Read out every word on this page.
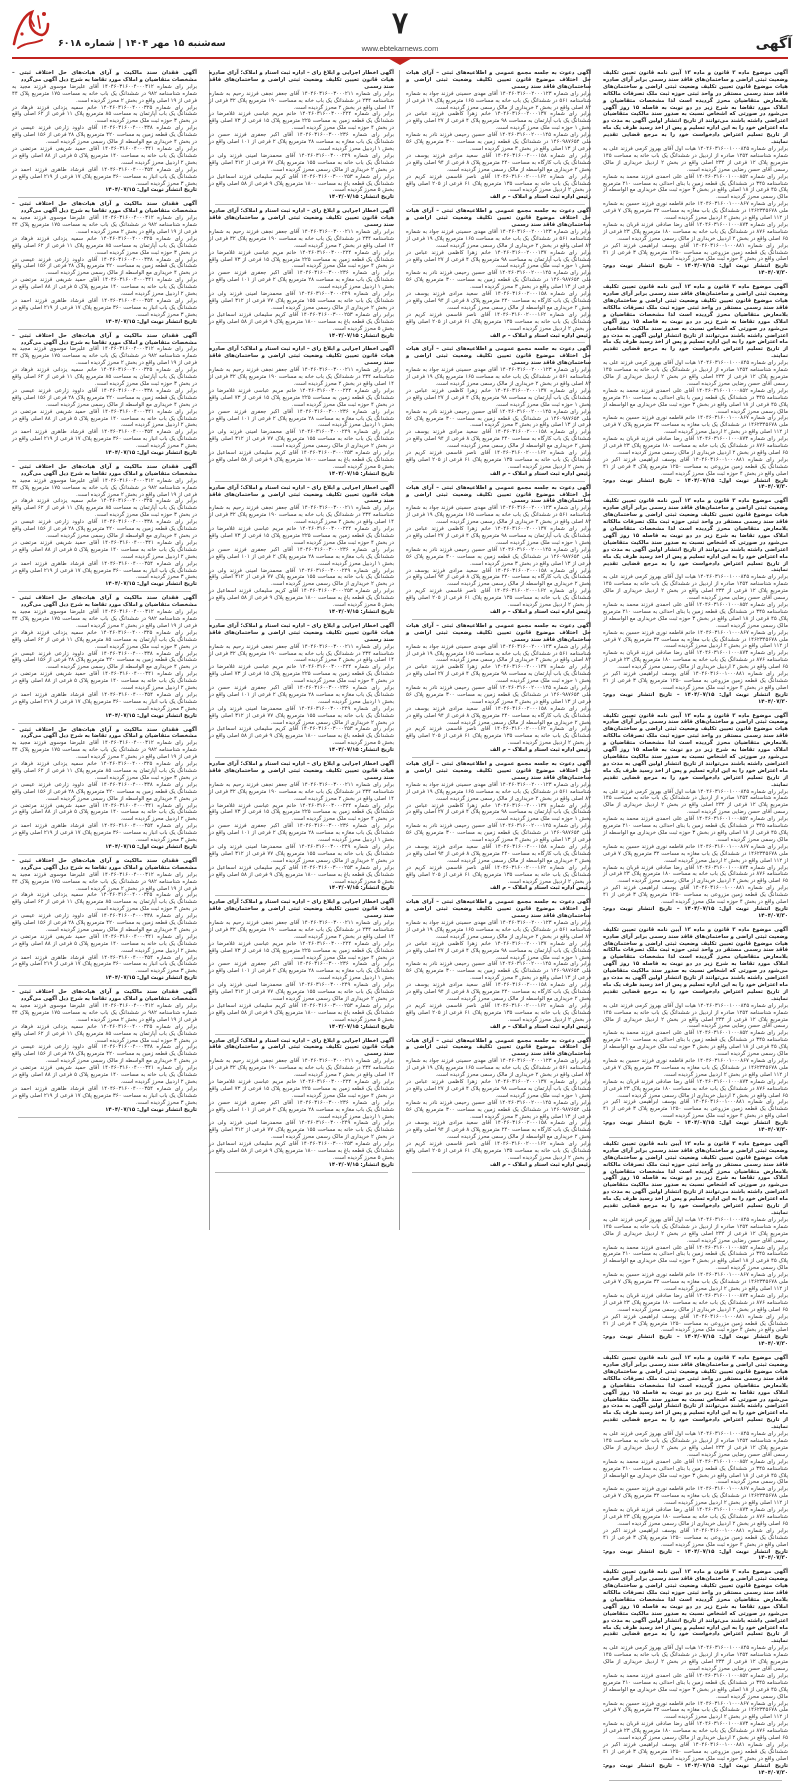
سه‌شنبه ۱۵ مهر ۱۴۰۴ | شماره ۶۰۱۸
۷
www.ebtekarnews.com	آگهی

آگهی موضوع ماده ۳ قانون و ماده ۱۳ آیین نامه قانون تعیین تکلیف وضعیت ثبتی اراضی و ساختمان‌های فاقد سند رسمی برابر آرای صادره هیات موضوع قانون تعیین تکلیف وضعیت ثبتی اراضی و ساختمان‌های فاقد سند رسمی مستقر در واحد ثبتی حوزه ثبت ملک تصرفات مالکانه بلامعارض متقاضیان محرز گردیده است لذا مشخصات متقاضیان و املاک مورد تقاضا به شرح زیر در دو نوبت به فاصله ۱۵ روز آگهی می‌شود در صورتی که اشخاص نسبت به صدور سند مالکیت متقاضیان اعتراضی داشته باشند می‌توانند از تاریخ انتشار اولین آگهی به مدت دو ماه اعتراض خود را به این اداره تسلیم و پس از اخذ رسید ظرف یک ماه از تاریخ تسلیم اعتراض دادخواست خود را به مرجع قضایی تقدیم نمایند.

برابر رای شماره ۱۴۰۴۶۰۳۱۶۰۰۱۰۰۰۸۴۵ هیات اول آقای بهروز کرمی فرزند علی به شماره شناسنامه ۱۲۵۴ صادره از اردبیل در ششدانگ یک باب خانه به مساحت ۱۴۵ مترمربع پلاک ۱۲ فرعی از ۲۳۴ اصلی واقع در بخش ۲ اردبیل خریداری از مالک رسمی آقای حسن رضایی محرز گردیده است.

برابر رای شماره ۱۴۰۴۶۰۳۱۶۰۰۱۰۰۰۸۵۲ آقای علی احمدی فرزند محمد به شماره شناسنامه ۳۴۵ در ششدانگ یک قطعه زمین با بنای احداثی به مساحت ۲۱۰ مترمربع پلاک ۴۵ فرعی از ۱۸ اصلی واقع در بخش ۳ حوزه ثبت ملک خریداری مع الواسطه از مالک رسمی محرز گردیده است.

برابر رای شماره ۱۴۰۴۶۰۳۱۶۰۰۱۰۰۰۸۶۷ خانم فاطمه نوری فرزند حسین به شماره ملی ۱۴۶۲۳۴۵۶۷۸ در ششدانگ یک باب مغازه به مساحت ۳۲ مترمربع پلاک ۷ فرعی از ۱۱۲ اصلی واقع در بخش ۲ اردبیل محرز گردیده است.

برابر رای شماره ۱۴۰۴۶۰۳۱۶۰۰۱۰۰۰۸۷۳ آقای رضا صادقی فرزند قربان به شماره شناسنامه ۸۷۶ در ششدانگ یک باب خانه به مساحت ۱۸۰ مترمربع پلاک ۲۳ فرعی از ۶۵ اصلی واقع در بخش ۲ اردبیل خریداری از مالک رسمی محرز گردیده است.

برابر رای شماره ۱۴۰۴۶۰۳۱۶۰۰۱۰۰۰۸۸۱ آقای یوسف ابراهیمی فرزند اکبر در ششدانگ یک قطعه زمین مزروعی به مساحت ۱۲۵۰ مترمربع پلاک ۳ فرعی از ۴۱ اصلی واقع در بخش ۴ حوزه ثبت ملک محرز گردیده است.

تاریخ انتشار نوبت اول: ۱۴۰۴/۰۷/۱۵ – تاریخ انتشار نوبت دوم: ۱۴۰۴/۰۷/۳۰

آگهی موضوع ماده ۳ قانون و ماده ۱۳ آیین نامه قانون تعیین تکلیف وضعیت ثبتی اراضی و ساختمان‌های فاقد سند رسمی برابر آرای صادره هیات موضوع قانون تعیین تکلیف وضعیت ثبتی اراضی و ساختمان‌های فاقد سند رسمی مستقر در واحد ثبتی حوزه ثبت ملک تصرفات مالکانه بلامعارض متقاضیان محرز گردیده است لذا مشخصات متقاضیان و املاک مورد تقاضا به شرح زیر در دو نوبت به فاصله ۱۵ روز آگهی می‌شود در صورتی که اشخاص نسبت به صدور سند مالکیت متقاضیان اعتراضی داشته باشند می‌توانند از تاریخ انتشار اولین آگهی به مدت دو ماه اعتراض خود را به این اداره تسلیم و پس از اخذ رسید ظرف یک ماه از تاریخ تسلیم اعتراض دادخواست خود را به مرجع قضایی تقدیم نمایند.

برابر رای شماره ۱۴۰۴۶۰۳۱۶۰۰۱۰۰۰۸۴۵ هیات اول آقای بهروز کرمی فرزند علی به شماره شناسنامه ۱۲۵۴ صادره از اردبیل در ششدانگ یک باب خانه به مساحت ۱۴۵ مترمربع پلاک ۱۲ فرعی از ۲۳۴ اصلی واقع در بخش ۲ اردبیل خریداری از مالک رسمی آقای حسن رضایی محرز گردیده است.

برابر رای شماره ۱۴۰۴۶۰۳۱۶۰۰۱۰۰۰۸۵۲ آقای علی احمدی فرزند محمد به شماره شناسنامه ۳۴۵ در ششدانگ یک قطعه زمین با بنای احداثی به مساحت ۲۱۰ مترمربع پلاک ۴۵ فرعی از ۱۸ اصلی واقع در بخش ۳ حوزه ثبت ملک خریداری مع الواسطه از مالک رسمی محرز گردیده است.

برابر رای شماره ۱۴۰۴۶۰۳۱۶۰۰۱۰۰۰۸۶۷ خانم فاطمه نوری فرزند حسین به شماره ملی ۱۴۶۲۳۴۵۶۷۸ در ششدانگ یک باب مغازه به مساحت ۳۲ مترمربع پلاک ۷ فرعی از ۱۱۲ اصلی واقع در بخش ۲ اردبیل محرز گردیده است.

برابر رای شماره ۱۴۰۴۶۰۳۱۶۰۰۱۰۰۰۸۷۳ آقای رضا صادقی فرزند قربان به شماره شناسنامه ۸۷۶ در ششدانگ یک باب خانه به مساحت ۱۸۰ مترمربع پلاک ۲۳ فرعی از ۶۵ اصلی واقع در بخش ۲ اردبیل خریداری از مالک رسمی محرز گردیده است.

برابر رای شماره ۱۴۰۴۶۰۳۱۶۰۰۱۰۰۰۸۸۱ آقای یوسف ابراهیمی فرزند اکبر در ششدانگ یک قطعه زمین مزروعی به مساحت ۱۲۵۰ مترمربع پلاک ۳ فرعی از ۴۱ اصلی واقع در بخش ۴ حوزه ثبت ملک محرز گردیده است.

تاریخ انتشار نوبت اول: ۱۴۰۴/۰۷/۱۵ – تاریخ انتشار نوبت دوم: ۱۴۰۴/۰۷/۳۰

آگهی موضوع ماده ۳ قانون و ماده ۱۳ آیین نامه قانون تعیین تکلیف وضعیت ثبتی اراضی و ساختمان‌های فاقد سند رسمی برابر آرای صادره هیات موضوع قانون تعیین تکلیف وضعیت ثبتی اراضی و ساختمان‌های فاقد سند رسمی مستقر در واحد ثبتی حوزه ثبت ملک تصرفات مالکانه بلامعارض متقاضیان محرز گردیده است لذا مشخصات متقاضیان و املاک مورد تقاضا به شرح زیر در دو نوبت به فاصله ۱۵ روز آگهی می‌شود در صورتی که اشخاص نسبت به صدور سند مالکیت متقاضیان اعتراضی داشته باشند می‌توانند از تاریخ انتشار اولین آگهی به مدت دو ماه اعتراض خود را به این اداره تسلیم و پس از اخذ رسید ظرف یک ماه از تاریخ تسلیم اعتراض دادخواست خود را به مرجع قضایی تقدیم نمایند.

برابر رای شماره ۱۴۰۴۶۰۳۱۶۰۰۱۰۰۰۸۴۵ هیات اول آقای بهروز کرمی فرزند علی به شماره شناسنامه ۱۲۵۴ صادره از اردبیل در ششدانگ یک باب خانه به مساحت ۱۴۵ مترمربع پلاک ۱۲ فرعی از ۲۳۴ اصلی واقع در بخش ۲ اردبیل خریداری از مالک رسمی آقای حسن رضایی محرز گردیده است.

برابر رای شماره ۱۴۰۴۶۰۳۱۶۰۰۱۰۰۰۸۵۲ آقای علی احمدی فرزند محمد به شماره شناسنامه ۳۴۵ در ششدانگ یک قطعه زمین با بنای احداثی به مساحت ۲۱۰ مترمربع پلاک ۴۵ فرعی از ۱۸ اصلی واقع در بخش ۳ حوزه ثبت ملک خریداری مع الواسطه از مالک رسمی محرز گردیده است.

برابر رای شماره ۱۴۰۴۶۰۳۱۶۰۰۱۰۰۰۸۶۷ خانم فاطمه نوری فرزند حسین به شماره ملی ۱۴۶۲۳۴۵۶۷۸ در ششدانگ یک باب مغازه به مساحت ۳۲ مترمربع پلاک ۷ فرعی از ۱۱۲ اصلی واقع در بخش ۲ اردبیل محرز گردیده است.

برابر رای شماره ۱۴۰۴۶۰۳۱۶۰۰۱۰۰۰۸۷۳ آقای رضا صادقی فرزند قربان به شماره شناسنامه ۸۷۶ در ششدانگ یک باب خانه به مساحت ۱۸۰ مترمربع پلاک ۲۳ فرعی از ۶۵ اصلی واقع در بخش ۲ اردبیل خریداری از مالک رسمی محرز گردیده است.

برابر رای شماره ۱۴۰۴۶۰۳۱۶۰۰۱۰۰۰۸۸۱ آقای یوسف ابراهیمی فرزند اکبر در ششدانگ یک قطعه زمین مزروعی به مساحت ۱۲۵۰ مترمربع پلاک ۳ فرعی از ۴۱ اصلی واقع در بخش ۴ حوزه ثبت ملک محرز گردیده است.

تاریخ انتشار نوبت اول: ۱۴۰۴/۰۷/۱۵ – تاریخ انتشار نوبت دوم: ۱۴۰۴/۰۷/۳۰

آگهی موضوع ماده ۳ قانون و ماده ۱۳ آیین نامه قانون تعیین تکلیف وضعیت ثبتی اراضی و ساختمان‌های فاقد سند رسمی برابر آرای صادره هیات موضوع قانون تعیین تکلیف وضعیت ثبتی اراضی و ساختمان‌های فاقد سند رسمی مستقر در واحد ثبتی حوزه ثبت ملک تصرفات مالکانه بلامعارض متقاضیان محرز گردیده است لذا مشخصات متقاضیان و املاک مورد تقاضا به شرح زیر در دو نوبت به فاصله ۱۵ روز آگهی می‌شود در صورتی که اشخاص نسبت به صدور سند مالکیت متقاضیان اعتراضی داشته باشند می‌توانند از تاریخ انتشار اولین آگهی به مدت دو ماه اعتراض خود را به این اداره تسلیم و پس از اخذ رسید ظرف یک ماه از تاریخ تسلیم اعتراض دادخواست خود را به مرجع قضایی تقدیم نمایند.

برابر رای شماره ۱۴۰۴۶۰۳۱۶۰۰۱۰۰۰۸۴۵ هیات اول آقای بهروز کرمی فرزند علی به شماره شناسنامه ۱۲۵۴ صادره از اردبیل در ششدانگ یک باب خانه به مساحت ۱۴۵ مترمربع پلاک ۱۲ فرعی از ۲۳۴ اصلی واقع در بخش ۲ اردبیل خریداری از مالک رسمی آقای حسن رضایی محرز گردیده است.

برابر رای شماره ۱۴۰۴۶۰۳۱۶۰۰۱۰۰۰۸۵۲ آقای علی احمدی فرزند محمد به شماره شناسنامه ۳۴۵ در ششدانگ یک قطعه زمین با بنای احداثی به مساحت ۲۱۰ مترمربع پلاک ۴۵ فرعی از ۱۸ اصلی واقع در بخش ۳ حوزه ثبت ملک خریداری مع الواسطه از مالک رسمی محرز گردیده است.

برابر رای شماره ۱۴۰۴۶۰۳۱۶۰۰۱۰۰۰۸۶۷ خانم فاطمه نوری فرزند حسین به شماره ملی ۱۴۶۲۳۴۵۶۷۸ در ششدانگ یک باب مغازه به مساحت ۳۲ مترمربع پلاک ۷ فرعی از ۱۱۲ اصلی واقع در بخش ۲ اردبیل محرز گردیده است.

برابر رای شماره ۱۴۰۴۶۰۳۱۶۰۰۱۰۰۰۸۷۳ آقای رضا صادقی فرزند قربان به شماره شناسنامه ۸۷۶ در ششدانگ یک باب خانه به مساحت ۱۸۰ مترمربع پلاک ۲۳ فرعی از ۶۵ اصلی واقع در بخش ۲ اردبیل خریداری از مالک رسمی محرز گردیده است.

برابر رای شماره ۱۴۰۴۶۰۳۱۶۰۰۱۰۰۰۸۸۱ آقای یوسف ابراهیمی فرزند اکبر در ششدانگ یک قطعه زمین مزروعی به مساحت ۱۲۵۰ مترمربع پلاک ۳ فرعی از ۴۱ اصلی واقع در بخش ۴ حوزه ثبت ملک محرز گردیده است.

تاریخ انتشار نوبت اول: ۱۴۰۴/۰۷/۱۵ – تاریخ انتشار نوبت دوم: ۱۴۰۴/۰۷/۳۰

آگهی موضوع ماده ۳ قانون و ماده ۱۳ آیین نامه قانون تعیین تکلیف وضعیت ثبتی اراضی و ساختمان‌های فاقد سند رسمی برابر آرای صادره هیات موضوع قانون تعیین تکلیف وضعیت ثبتی اراضی و ساختمان‌های فاقد سند رسمی مستقر در واحد ثبتی حوزه ثبت ملک تصرفات مالکانه بلامعارض متقاضیان محرز گردیده است لذا مشخصات متقاضیان و املاک مورد تقاضا به شرح زیر در دو نوبت به فاصله ۱۵ روز آگهی می‌شود در صورتی که اشخاص نسبت به صدور سند مالکیت متقاضیان اعتراضی داشته باشند می‌توانند از تاریخ انتشار اولین آگهی به مدت دو ماه اعتراض خود را به این اداره تسلیم و پس از اخذ رسید ظرف یک ماه از تاریخ تسلیم اعتراض دادخواست خود را به مرجع قضایی تقدیم نمایند.

برابر رای شماره ۱۴۰۴۶۰۳۱۶۰۰۱۰۰۰۸۴۵ هیات اول آقای بهروز کرمی فرزند علی به شماره شناسنامه ۱۲۵۴ صادره از اردبیل در ششدانگ یک باب خانه به مساحت ۱۴۵ مترمربع پلاک ۱۲ فرعی از ۲۳۴ اصلی واقع در بخش ۲ اردبیل خریداری از مالک رسمی آقای حسن رضایی محرز گردیده است.

برابر رای شماره ۱۴۰۴۶۰۳۱۶۰۰۱۰۰۰۸۵۲ آقای علی احمدی فرزند محمد به شماره شناسنامه ۳۴۵ در ششدانگ یک قطعه زمین با بنای احداثی به مساحت ۲۱۰ مترمربع پلاک ۴۵ فرعی از ۱۸ اصلی واقع در بخش ۳ حوزه ثبت ملک خریداری مع الواسطه از مالک رسمی محرز گردیده است.

برابر رای شماره ۱۴۰۴۶۰۳۱۶۰۰۱۰۰۰۸۶۷ خانم فاطمه نوری فرزند حسین به شماره ملی ۱۴۶۲۳۴۵۶۷۸ در ششدانگ یک باب مغازه به مساحت ۳۲ مترمربع پلاک ۷ فرعی از ۱۱۲ اصلی واقع در بخش ۲ اردبیل محرز گردیده است.

برابر رای شماره ۱۴۰۴۶۰۳۱۶۰۰۱۰۰۰۸۷۳ آقای رضا صادقی فرزند قربان به شماره شناسنامه ۸۷۶ در ششدانگ یک باب خانه به مساحت ۱۸۰ مترمربع پلاک ۲۳ فرعی از ۶۵ اصلی واقع در بخش ۲ اردبیل خریداری از مالک رسمی محرز گردیده است.

برابر رای شماره ۱۴۰۴۶۰۳۱۶۰۰۱۰۰۰۸۸۱ آقای یوسف ابراهیمی فرزند اکبر در ششدانگ یک قطعه زمین مزروعی به مساحت ۱۲۵۰ مترمربع پلاک ۳ فرعی از ۴۱ اصلی واقع در بخش ۴ حوزه ثبت ملک محرز گردیده است.

تاریخ انتشار نوبت اول: ۱۴۰۴/۰۷/۱۵ – تاریخ انتشار نوبت دوم: ۱۴۰۴/۰۷/۳۰

آگهی موضوع ماده ۳ قانون و ماده ۱۳ آیین نامه قانون تعیین تکلیف وضعیت ثبتی اراضی و ساختمان‌های فاقد سند رسمی برابر آرای صادره هیات موضوع قانون تعیین تکلیف وضعیت ثبتی اراضی و ساختمان‌های فاقد سند رسمی مستقر در واحد ثبتی حوزه ثبت ملک تصرفات مالکانه بلامعارض متقاضیان محرز گردیده است لذا مشخصات متقاضیان و املاک مورد تقاضا به شرح زیر در دو نوبت به فاصله ۱۵ روز آگهی می‌شود در صورتی که اشخاص نسبت به صدور سند مالکیت متقاضیان اعتراضی داشته باشند می‌توانند از تاریخ انتشار اولین آگهی به مدت دو ماه اعتراض خود را به این اداره تسلیم و پس از اخذ رسید ظرف یک ماه از تاریخ تسلیم اعتراض دادخواست خود را به مرجع قضایی تقدیم نمایند.

برابر رای شماره ۱۴۰۴۶۰۳۱۶۰۰۱۰۰۰۸۴۵ هیات اول آقای بهروز کرمی فرزند علی به شماره شناسنامه ۱۲۵۴ صادره از اردبیل در ششدانگ یک باب خانه به مساحت ۱۴۵ مترمربع پلاک ۱۲ فرعی از ۲۳۴ اصلی واقع در بخش ۲ اردبیل خریداری از مالک رسمی آقای حسن رضایی محرز گردیده است.

برابر رای شماره ۱۴۰۴۶۰۳۱۶۰۰۱۰۰۰۸۵۲ آقای علی احمدی فرزند محمد به شماره شناسنامه ۳۴۵ در ششدانگ یک قطعه زمین با بنای احداثی به مساحت ۲۱۰ مترمربع پلاک ۴۵ فرعی از ۱۸ اصلی واقع در بخش ۳ حوزه ثبت ملک خریداری مع الواسطه از مالک رسمی محرز گردیده است.

برابر رای شماره ۱۴۰۴۶۰۳۱۶۰۰۱۰۰۰۸۶۷ خانم فاطمه نوری فرزند حسین به شماره ملی ۱۴۶۲۳۴۵۶۷۸ در ششدانگ یک باب مغازه به مساحت ۳۲ مترمربع پلاک ۷ فرعی از ۱۱۲ اصلی واقع در بخش ۲ اردبیل محرز گردیده است.

برابر رای شماره ۱۴۰۴۶۰۳۱۶۰۰۱۰۰۰۸۷۳ آقای رضا صادقی فرزند قربان به شماره شناسنامه ۸۷۶ در ششدانگ یک باب خانه به مساحت ۱۸۰ مترمربع پلاک ۲۳ فرعی از ۶۵ اصلی واقع در بخش ۲ اردبیل خریداری از مالک رسمی محرز گردیده است.

برابر رای شماره ۱۴۰۴۶۰۳۱۶۰۰۱۰۰۰۸۸۱ آقای یوسف ابراهیمی فرزند اکبر در ششدانگ یک قطعه زمین مزروعی به مساحت ۱۲۵۰ مترمربع پلاک ۳ فرعی از ۴۱ اصلی واقع در بخش ۴ حوزه ثبت ملک محرز گردیده است.

تاریخ انتشار نوبت اول: ۱۴۰۴/۰۷/۱۵ – تاریخ انتشار نوبت دوم: ۱۴۰۴/۰۷/۳۰

آگهی موضوع ماده ۳ قانون و ماده ۱۳ آیین نامه قانون تعیین تکلیف وضعیت ثبتی اراضی و ساختمان‌های فاقد سند رسمی برابر آرای صادره هیات موضوع قانون تعیین تکلیف وضعیت ثبتی اراضی و ساختمان‌های فاقد سند رسمی مستقر در واحد ثبتی حوزه ثبت ملک تصرفات مالکانه بلامعارض متقاضیان محرز گردیده است لذا مشخصات متقاضیان و املاک مورد تقاضا به شرح زیر در دو نوبت به فاصله ۱۵ روز آگهی می‌شود در صورتی که اشخاص نسبت به صدور سند مالکیت متقاضیان اعتراضی داشته باشند می‌توانند از تاریخ انتشار اولین آگهی به مدت دو ماه اعتراض خود را به این اداره تسلیم و پس از اخذ رسید ظرف یک ماه از تاریخ تسلیم اعتراض دادخواست خود را به مرجع قضایی تقدیم نمایند.

برابر رای شماره ۱۴۰۴۶۰۳۱۶۰۰۱۰۰۰۸۴۵ هیات اول آقای بهروز کرمی فرزند علی به شماره شناسنامه ۱۲۵۴ صادره از اردبیل در ششدانگ یک باب خانه به مساحت ۱۴۵ مترمربع پلاک ۱۲ فرعی از ۲۳۴ اصلی واقع در بخش ۲ اردبیل خریداری از مالک رسمی آقای حسن رضایی محرز گردیده است.

برابر رای شماره ۱۴۰۴۶۰۳۱۶۰۰۱۰۰۰۸۵۲ آقای علی احمدی فرزند محمد به شماره شناسنامه ۳۴۵ در ششدانگ یک قطعه زمین با بنای احداثی به مساحت ۲۱۰ مترمربع پلاک ۴۵ فرعی از ۱۸ اصلی واقع در بخش ۳ حوزه ثبت ملک خریداری مع الواسطه از مالک رسمی محرز گردیده است.

برابر رای شماره ۱۴۰۴۶۰۳۱۶۰۰۱۰۰۰۸۶۷ خانم فاطمه نوری فرزند حسین به شماره ملی ۱۴۶۲۳۴۵۶۷۸ در ششدانگ یک باب مغازه به مساحت ۳۲ مترمربع پلاک ۷ فرعی از ۱۱۲ اصلی واقع در بخش ۲ اردبیل محرز گردیده است.

برابر رای شماره ۱۴۰۴۶۰۳۱۶۰۰۱۰۰۰۸۷۳ آقای رضا صادقی فرزند قربان به شماره شناسنامه ۸۷۶ در ششدانگ یک باب خانه به مساحت ۱۸۰ مترمربع پلاک ۲۳ فرعی از ۶۵ اصلی واقع در بخش ۲ اردبیل خریداری از مالک رسمی محرز گردیده است.

برابر رای شماره ۱۴۰۴۶۰۳۱۶۰۰۱۰۰۰۸۸۱ آقای یوسف ابراهیمی فرزند اکبر در ششدانگ یک قطعه زمین مزروعی به مساحت ۱۲۵۰ مترمربع پلاک ۳ فرعی از ۴۱ اصلی واقع در بخش ۴ حوزه ثبت ملک محرز گردیده است.

تاریخ انتشار نوبت اول: ۱۴۰۴/۰۷/۱۵ – تاریخ انتشار نوبت دوم: ۱۴۰۴/۰۷/۳۰

آگهی موضوع ماده ۳ قانون و ماده ۱۳ آیین نامه قانون تعیین تکلیف وضعیت ثبتی اراضی و ساختمان‌های فاقد سند رسمی برابر آرای صادره هیات موضوع قانون تعیین تکلیف وضعیت ثبتی اراضی و ساختمان‌های فاقد سند رسمی مستقر در واحد ثبتی حوزه ثبت ملک تصرفات مالکانه بلامعارض متقاضیان محرز گردیده است لذا مشخصات متقاضیان و املاک مورد تقاضا به شرح زیر در دو نوبت به فاصله ۱۵ روز آگهی می‌شود در صورتی که اشخاص نسبت به صدور سند مالکیت متقاضیان اعتراضی داشته باشند می‌توانند از تاریخ انتشار اولین آگهی به مدت دو ماه اعتراض خود را به این اداره تسلیم و پس از اخذ رسید ظرف یک ماه از تاریخ تسلیم اعتراض دادخواست خود را به مرجع قضایی تقدیم نمایند.

برابر رای شماره ۱۴۰۴۶۰۳۱۶۰۰۱۰۰۰۸۴۵ هیات اول آقای بهروز کرمی فرزند علی به شماره شناسنامه ۱۲۵۴ صادره از اردبیل در ششدانگ یک باب خانه به مساحت ۱۴۵ مترمربع پلاک ۱۲ فرعی از ۲۳۴ اصلی واقع در بخش ۲ اردبیل خریداری از مالک رسمی آقای حسن رضایی محرز گردیده است.

برابر رای شماره ۱۴۰۴۶۰۳۱۶۰۰۱۰۰۰۸۵۲ آقای علی احمدی فرزند محمد به شماره شناسنامه ۳۴۵ در ششدانگ یک قطعه زمین با بنای احداثی به مساحت ۲۱۰ مترمربع پلاک ۴۵ فرعی از ۱۸ اصلی واقع در بخش ۳ حوزه ثبت ملک خریداری مع الواسطه از مالک رسمی محرز گردیده است.

برابر رای شماره ۱۴۰۴۶۰۳۱۶۰۰۱۰۰۰۸۶۷ خانم فاطمه نوری فرزند حسین به شماره ملی ۱۴۶۲۳۴۵۶۷۸ در ششدانگ یک باب مغازه به مساحت ۳۲ مترمربع پلاک ۷ فرعی از ۱۱۲ اصلی واقع در بخش ۲ اردبیل محرز گردیده است.

برابر رای شماره ۱۴۰۴۶۰۳۱۶۰۰۱۰۰۰۸۷۳ آقای رضا صادقی فرزند قربان به شماره شناسنامه ۸۷۶ در ششدانگ یک باب خانه به مساحت ۱۸۰ مترمربع پلاک ۲۳ فرعی از ۶۵ اصلی واقع در بخش ۲ اردبیل خریداری از مالک رسمی محرز گردیده است.

برابر رای شماره ۱۴۰۴۶۰۳۱۶۰۰۱۰۰۰۸۸۱ آقای یوسف ابراهیمی فرزند اکبر در ششدانگ یک قطعه زمین مزروعی به مساحت ۱۲۵۰ مترمربع پلاک ۳ فرعی از ۴۱ اصلی واقع در بخش ۴ حوزه ثبت ملک محرز گردیده است.

تاریخ انتشار نوبت اول: ۱۴۰۴/۰۷/۱۵ – تاریخ انتشار نوبت دوم: ۱۴۰۴/۰۷/۳۰

آگهی دعوت به جلسه مجمع عمومی و اطلاعیه‌های ثبتی – آرای هیات حل اختلاف موضوع قانون تعیین تکلیف وضعیت ثبتی اراضی و ساختمان‌های فاقد سند رسمی

برابر رای شماره ۱۴۰۴۶۰۳۱۶۰۰۲۰۰۰۱۲۳ آقای مهدی حسینی فرزند جواد به شماره شناسنامه ۵۶۱ در ششدانگ یک باب خانه به مساحت ۱۶۵ مترمربع پلاک ۱۹ فرعی از ۸۲ اصلی واقع در بخش ۲ خریداری از مالک رسمی محرز گردیده است.

برابر رای شماره ۱۴۰۴۶۰۳۱۶۰۰۲۰۰۰۱۳۷ خانم زهرا کاظمی فرزند عباس در ششدانگ یک باب آپارتمان به مساحت ۹۸ مترمربع پلاک ۴ فرعی از ۲۷ اصلی واقع در بخش ۱ حوزه ثبت ملک محرز گردیده است.

برابر رای شماره ۱۴۰۴۶۰۳۱۶۰۰۲۰۰۰۱۴۵ آقای حسین رحیمی فرزند نادر به شماره ملی ۱۴۶۰۹۸۷۶۵۴ در ششدانگ یک قطعه زمین به مساحت ۳۰۰ مترمربع پلاک ۵۶ فرعی از ۱۳ اصلی واقع در بخش ۳ محرز گردیده است.

برابر رای شماره ۱۴۰۴۶۰۳۱۶۰۰۲۰۰۰۱۵۸ آقای سعید مرادی فرزند یوسف در ششدانگ یک باب کارگاه به مساحت ۲۴۰ مترمربع پلاک ۸ فرعی از ۹۴ اصلی واقع در بخش ۲ خریداری مع الواسطه از مالک رسمی محرز گردیده است.

برابر رای شماره ۱۴۰۴۶۰۳۱۶۰۰۲۰۰۰۱۶۲ آقای ناصر قاسمی فرزند کریم در ششدانگ یک باب خانه به مساحت ۱۳۵ مترمربع پلاک ۶۱ فرعی از ۲۰۵ اصلی واقع در بخش ۲ اردبیل محرز گردیده است.

رئیس اداره ثبت اسناد و املاک – م الف

آگهی دعوت به جلسه مجمع عمومی و اطلاعیه‌های ثبتی – آرای هیات حل اختلاف موضوع قانون تعیین تکلیف وضعیت ثبتی اراضی و ساختمان‌های فاقد سند رسمی

برابر رای شماره ۱۴۰۴۶۰۳۱۶۰۰۲۰۰۰۱۲۳ آقای مهدی حسینی فرزند جواد به شماره شناسنامه ۵۶۱ در ششدانگ یک باب خانه به مساحت ۱۶۵ مترمربع پلاک ۱۹ فرعی از ۸۲ اصلی واقع در بخش ۲ خریداری از مالک رسمی محرز گردیده است.

برابر رای شماره ۱۴۰۴۶۰۳۱۶۰۰۲۰۰۰۱۳۷ خانم زهرا کاظمی فرزند عباس در ششدانگ یک باب آپارتمان به مساحت ۹۸ مترمربع پلاک ۴ فرعی از ۲۷ اصلی واقع در بخش ۱ حوزه ثبت ملک محرز گردیده است.

برابر رای شماره ۱۴۰۴۶۰۳۱۶۰۰۲۰۰۰۱۴۵ آقای حسین رحیمی فرزند نادر به شماره ملی ۱۴۶۰۹۸۷۶۵۴ در ششدانگ یک قطعه زمین به مساحت ۳۰۰ مترمربع پلاک ۵۶ فرعی از ۱۳ اصلی واقع در بخش ۳ محرز گردیده است.

برابر رای شماره ۱۴۰۴۶۰۳۱۶۰۰۲۰۰۰۱۵۸ آقای سعید مرادی فرزند یوسف در ششدانگ یک باب کارگاه به مساحت ۲۴۰ مترمربع پلاک ۸ فرعی از ۹۴ اصلی واقع در بخش ۲ خریداری مع الواسطه از مالک رسمی محرز گردیده است.

برابر رای شماره ۱۴۰۴۶۰۳۱۶۰۰۲۰۰۰۱۶۲ آقای ناصر قاسمی فرزند کریم در ششدانگ یک باب خانه به مساحت ۱۳۵ مترمربع پلاک ۶۱ فرعی از ۲۰۵ اصلی واقع در بخش ۲ اردبیل محرز گردیده است.

رئیس اداره ثبت اسناد و املاک – م الف

آگهی دعوت به جلسه مجمع عمومی و اطلاعیه‌های ثبتی – آرای هیات حل اختلاف موضوع قانون تعیین تکلیف وضعیت ثبتی اراضی و ساختمان‌های فاقد سند رسمی

برابر رای شماره ۱۴۰۴۶۰۳۱۶۰۰۲۰۰۰۱۲۳ آقای مهدی حسینی فرزند جواد به شماره شناسنامه ۵۶۱ در ششدانگ یک باب خانه به مساحت ۱۶۵ مترمربع پلاک ۱۹ فرعی از ۸۲ اصلی واقع در بخش ۲ خریداری از مالک رسمی محرز گردیده است.

برابر رای شماره ۱۴۰۴۶۰۳۱۶۰۰۲۰۰۰۱۳۷ خانم زهرا کاظمی فرزند عباس در ششدانگ یک باب آپارتمان به مساحت ۹۸ مترمربع پلاک ۴ فرعی از ۲۷ اصلی واقع در بخش ۱ حوزه ثبت ملک محرز گردیده است.

برابر رای شماره ۱۴۰۴۶۰۳۱۶۰۰۲۰۰۰۱۴۵ آقای حسین رحیمی فرزند نادر به شماره ملی ۱۴۶۰۹۸۷۶۵۴ در ششدانگ یک قطعه زمین به مساحت ۳۰۰ مترمربع پلاک ۵۶ فرعی از ۱۳ اصلی واقع در بخش ۳ محرز گردیده است.

برابر رای شماره ۱۴۰۴۶۰۳۱۶۰۰۲۰۰۰۱۵۸ آقای سعید مرادی فرزند یوسف در ششدانگ یک باب کارگاه به مساحت ۲۴۰ مترمربع پلاک ۸ فرعی از ۹۴ اصلی واقع در بخش ۲ خریداری مع الواسطه از مالک رسمی محرز گردیده است.

برابر رای شماره ۱۴۰۴۶۰۳۱۶۰۰۲۰۰۰۱۶۲ آقای ناصر قاسمی فرزند کریم در ششدانگ یک باب خانه به مساحت ۱۳۵ مترمربع پلاک ۶۱ فرعی از ۲۰۵ اصلی واقع در بخش ۲ اردبیل محرز گردیده است.

رئیس اداره ثبت اسناد و املاک – م الف

آگهی دعوت به جلسه مجمع عمومی و اطلاعیه‌های ثبتی – آرای هیات حل اختلاف موضوع قانون تعیین تکلیف وضعیت ثبتی اراضی و ساختمان‌های فاقد سند رسمی

برابر رای شماره ۱۴۰۴۶۰۳۱۶۰۰۲۰۰۰۱۲۳ آقای مهدی حسینی فرزند جواد به شماره شناسنامه ۵۶۱ در ششدانگ یک باب خانه به مساحت ۱۶۵ مترمربع پلاک ۱۹ فرعی از ۸۲ اصلی واقع در بخش ۲ خریداری از مالک رسمی محرز گردیده است.

برابر رای شماره ۱۴۰۴۶۰۳۱۶۰۰۲۰۰۰۱۳۷ خانم زهرا کاظمی فرزند عباس در ششدانگ یک باب آپارتمان به مساحت ۹۸ مترمربع پلاک ۴ فرعی از ۲۷ اصلی واقع در بخش ۱ حوزه ثبت ملک محرز گردیده است.

برابر رای شماره ۱۴۰۴۶۰۳۱۶۰۰۲۰۰۰۱۴۵ آقای حسین رحیمی فرزند نادر به شماره ملی ۱۴۶۰۹۸۷۶۵۴ در ششدانگ یک قطعه زمین به مساحت ۳۰۰ مترمربع پلاک ۵۶ فرعی از ۱۳ اصلی واقع در بخش ۳ محرز گردیده است.

برابر رای شماره ۱۴۰۴۶۰۳۱۶۰۰۲۰۰۰۱۵۸ آقای سعید مرادی فرزند یوسف در ششدانگ یک باب کارگاه به مساحت ۲۴۰ مترمربع پلاک ۸ فرعی از ۹۴ اصلی واقع در بخش ۲ خریداری مع الواسطه از مالک رسمی محرز گردیده است.

برابر رای شماره ۱۴۰۴۶۰۳۱۶۰۰۲۰۰۰۱۶۲ آقای ناصر قاسمی فرزند کریم در ششدانگ یک باب خانه به مساحت ۱۳۵ مترمربع پلاک ۶۱ فرعی از ۲۰۵ اصلی واقع در بخش ۲ اردبیل محرز گردیده است.

رئیس اداره ثبت اسناد و املاک – م الف

آگهی دعوت به جلسه مجمع عمومی و اطلاعیه‌های ثبتی – آرای هیات حل اختلاف موضوع قانون تعیین تکلیف وضعیت ثبتی اراضی و ساختمان‌های فاقد سند رسمی

برابر رای شماره ۱۴۰۴۶۰۳۱۶۰۰۲۰۰۰۱۲۳ آقای مهدی حسینی فرزند جواد به شماره شناسنامه ۵۶۱ در ششدانگ یک باب خانه به مساحت ۱۶۵ مترمربع پلاک ۱۹ فرعی از ۸۲ اصلی واقع در بخش ۲ خریداری از مالک رسمی محرز گردیده است.

برابر رای شماره ۱۴۰۴۶۰۳۱۶۰۰۲۰۰۰۱۳۷ خانم زهرا کاظمی فرزند عباس در ششدانگ یک باب آپارتمان به مساحت ۹۸ مترمربع پلاک ۴ فرعی از ۲۷ اصلی واقع در بخش ۱ حوزه ثبت ملک محرز گردیده است.

برابر رای شماره ۱۴۰۴۶۰۳۱۶۰۰۲۰۰۰۱۴۵ آقای حسین رحیمی فرزند نادر به شماره ملی ۱۴۶۰۹۸۷۶۵۴ در ششدانگ یک قطعه زمین به مساحت ۳۰۰ مترمربع پلاک ۵۶ فرعی از ۱۳ اصلی واقع در بخش ۳ محرز گردیده است.

برابر رای شماره ۱۴۰۴۶۰۳۱۶۰۰۲۰۰۰۱۵۸ آقای سعید مرادی فرزند یوسف در ششدانگ یک باب کارگاه به مساحت ۲۴۰ مترمربع پلاک ۸ فرعی از ۹۴ اصلی واقع در بخش ۲ خریداری مع الواسطه از مالک رسمی محرز گردیده است.

برابر رای شماره ۱۴۰۴۶۰۳۱۶۰۰۲۰۰۰۱۶۲ آقای ناصر قاسمی فرزند کریم در ششدانگ یک باب خانه به مساحت ۱۳۵ مترمربع پلاک ۶۱ فرعی از ۲۰۵ اصلی واقع در بخش ۲ اردبیل محرز گردیده است.

رئیس اداره ثبت اسناد و املاک – م الف

آگهی دعوت به جلسه مجمع عمومی و اطلاعیه‌های ثبتی – آرای هیات حل اختلاف موضوع قانون تعیین تکلیف وضعیت ثبتی اراضی و ساختمان‌های فاقد سند رسمی

برابر رای شماره ۱۴۰۴۶۰۳۱۶۰۰۲۰۰۰۱۲۳ آقای مهدی حسینی فرزند جواد به شماره شناسنامه ۵۶۱ در ششدانگ یک باب خانه به مساحت ۱۶۵ مترمربع پلاک ۱۹ فرعی از ۸۲ اصلی واقع در بخش ۲ خریداری از مالک رسمی محرز گردیده است.

برابر رای شماره ۱۴۰۴۶۰۳۱۶۰۰۲۰۰۰۱۳۷ خانم زهرا کاظمی فرزند عباس در ششدانگ یک باب آپارتمان به مساحت ۹۸ مترمربع پلاک ۴ فرعی از ۲۷ اصلی واقع در بخش ۱ حوزه ثبت ملک محرز گردیده است.

برابر رای شماره ۱۴۰۴۶۰۳۱۶۰۰۲۰۰۰۱۴۵ آقای حسین رحیمی فرزند نادر به شماره ملی ۱۴۶۰۹۸۷۶۵۴ در ششدانگ یک قطعه زمین به مساحت ۳۰۰ مترمربع پلاک ۵۶ فرعی از ۱۳ اصلی واقع در بخش ۳ محرز گردیده است.

برابر رای شماره ۱۴۰۴۶۰۳۱۶۰۰۲۰۰۰۱۵۸ آقای سعید مرادی فرزند یوسف در ششدانگ یک باب کارگاه به مساحت ۲۴۰ مترمربع پلاک ۸ فرعی از ۹۴ اصلی واقع در بخش ۲ خریداری مع الواسطه از مالک رسمی محرز گردیده است.

برابر رای شماره ۱۴۰۴۶۰۳۱۶۰۰۲۰۰۰۱۶۲ آقای ناصر قاسمی فرزند کریم در ششدانگ یک باب خانه به مساحت ۱۳۵ مترمربع پلاک ۶۱ فرعی از ۲۰۵ اصلی واقع در بخش ۲ اردبیل محرز گردیده است.

رئیس اداره ثبت اسناد و املاک – م الف

آگهی دعوت به جلسه مجمع عمومی و اطلاعیه‌های ثبتی – آرای هیات حل اختلاف موضوع قانون تعیین تکلیف وضعیت ثبتی اراضی و ساختمان‌های فاقد سند رسمی

برابر رای شماره ۱۴۰۴۶۰۳۱۶۰۰۲۰۰۰۱۲۳ آقای مهدی حسینی فرزند جواد به شماره شناسنامه ۵۶۱ در ششدانگ یک باب خانه به مساحت ۱۶۵ مترمربع پلاک ۱۹ فرعی از ۸۲ اصلی واقع در بخش ۲ خریداری از مالک رسمی محرز گردیده است.

برابر رای شماره ۱۴۰۴۶۰۳۱۶۰۰۲۰۰۰۱۳۷ خانم زهرا کاظمی فرزند عباس در ششدانگ یک باب آپارتمان به مساحت ۹۸ مترمربع پلاک ۴ فرعی از ۲۷ اصلی واقع در بخش ۱ حوزه ثبت ملک محرز گردیده است.

برابر رای شماره ۱۴۰۴۶۰۳۱۶۰۰۲۰۰۰۱۴۵ آقای حسین رحیمی فرزند نادر به شماره ملی ۱۴۶۰۹۸۷۶۵۴ در ششدانگ یک قطعه زمین به مساحت ۳۰۰ مترمربع پلاک ۵۶ فرعی از ۱۳ اصلی واقع در بخش ۳ محرز گردیده است.

برابر رای شماره ۱۴۰۴۶۰۳۱۶۰۰۲۰۰۰۱۵۸ آقای سعید مرادی فرزند یوسف در ششدانگ یک باب کارگاه به مساحت ۲۴۰ مترمربع پلاک ۸ فرعی از ۹۴ اصلی واقع در بخش ۲ خریداری مع الواسطه از مالک رسمی محرز گردیده است.

برابر رای شماره ۱۴۰۴۶۰۳۱۶۰۰۲۰۰۰۱۶۲ آقای ناصر قاسمی فرزند کریم در ششدانگ یک باب خانه به مساحت ۱۳۵ مترمربع پلاک ۶۱ فرعی از ۲۰۵ اصلی واقع در بخش ۲ اردبیل محرز گردیده است.

رئیس اداره ثبت اسناد و املاک – م الف

آگهی دعوت به جلسه مجمع عمومی و اطلاعیه‌های ثبتی – آرای هیات حل اختلاف موضوع قانون تعیین تکلیف وضعیت ثبتی اراضی و ساختمان‌های فاقد سند رسمی

برابر رای شماره ۱۴۰۴۶۰۳۱۶۰۰۲۰۰۰۱۲۳ آقای مهدی حسینی فرزند جواد به شماره شناسنامه ۵۶۱ در ششدانگ یک باب خانه به مساحت ۱۶۵ مترمربع پلاک ۱۹ فرعی از ۸۲ اصلی واقع در بخش ۲ خریداری از مالک رسمی محرز گردیده است.

برابر رای شماره ۱۴۰۴۶۰۳۱۶۰۰۲۰۰۰۱۳۷ خانم زهرا کاظمی فرزند عباس در ششدانگ یک باب آپارتمان به مساحت ۹۸ مترمربع پلاک ۴ فرعی از ۲۷ اصلی واقع در بخش ۱ حوزه ثبت ملک محرز گردیده است.

برابر رای شماره ۱۴۰۴۶۰۳۱۶۰۰۲۰۰۰۱۴۵ آقای حسین رحیمی فرزند نادر به شماره ملی ۱۴۶۰۹۸۷۶۵۴ در ششدانگ یک قطعه زمین به مساحت ۳۰۰ مترمربع پلاک ۵۶ فرعی از ۱۳ اصلی واقع در بخش ۳ محرز گردیده است.

برابر رای شماره ۱۴۰۴۶۰۳۱۶۰۰۲۰۰۰۱۵۸ آقای سعید مرادی فرزند یوسف در ششدانگ یک باب کارگاه به مساحت ۲۴۰ مترمربع پلاک ۸ فرعی از ۹۴ اصلی واقع در بخش ۲ خریداری مع الواسطه از مالک رسمی محرز گردیده است.

برابر رای شماره ۱۴۰۴۶۰۳۱۶۰۰۲۰۰۰۱۶۲ آقای ناصر قاسمی فرزند کریم در ششدانگ یک باب خانه به مساحت ۱۳۵ مترمربع پلاک ۶۱ فرعی از ۲۰۵ اصلی واقع در بخش ۲ اردبیل محرز گردیده است.

رئیس اداره ثبت اسناد و املاک – م الف

آگهی اخطار اجرایی و ابلاغ رای – اداره ثبت اسناد و املاک؛ آرای صادره هیات قانون تعیین تکلیف وضعیت ثبتی اراضی و ساختمان‌های فاقد سند رسمی

برابر رای شماره ۱۴۰۴۶۰۳۱۶۰۰۳۰۰۰۲۱۱ آقای جعفر نجفی فرزند رحیم به شماره شناسنامه ۲۳۴ در ششدانگ یک باب خانه به مساحت ۱۹۰ مترمربع پلاک ۳۲ فرعی از ۱۴ اصلی واقع در بخش ۲ محرز گردیده است.

برابر رای شماره ۱۴۰۴۶۰۳۱۶۰۰۳۰۰۰۲۲۴ خانم مریم عباسی فرزند غلامرضا در ششدانگ یک قطعه زمین به مساحت ۲۲۵ مترمربع پلاک ۱۵ فرعی از ۷۳ اصلی واقع در بخش ۴ حوزه ثبت ملک محرز گردیده است.

برابر رای شماره ۱۴۰۴۶۰۳۱۶۰۰۳۰۰۰۲۳۶ آقای اکبر جعفری فرزند حسن در ششدانگ یک باب مغازه به مساحت ۲۸ مترمربع پلاک ۲ فرعی از ۱۰۱ اصلی واقع در بخش ۱ اردبیل محرز گردیده است.

برابر رای شماره ۱۴۰۴۶۰۳۱۶۰۰۳۰۰۰۲۴۹ آقای محمدرضا امینی فرزند ولی در ششدانگ یک باب خانه به مساحت ۱۵۵ مترمربع پلاک ۷۷ فرعی از ۳۱۲ اصلی واقع در بخش ۲ خریداری از مالک رسمی محرز گردیده است.

برابر رای شماره ۱۴۰۴۶۰۳۱۶۰۰۳۰۰۰۲۵۳ آقای کریم سلیمانی فرزند اسماعیل در ششدانگ یک قطعه باغ به مساحت ۱۸۰۰ مترمربع پلاک ۹ فرعی از ۵۸ اصلی واقع در بخش ۵ محرز گردیده است.

تاریخ انتشار: ۱۴۰۴/۰۷/۱۵

آگهی اخطار اجرایی و ابلاغ رای – اداره ثبت اسناد و املاک؛ آرای صادره هیات قانون تعیین تکلیف وضعیت ثبتی اراضی و ساختمان‌های فاقد سند رسمی

برابر رای شماره ۱۴۰۴۶۰۳۱۶۰۰۳۰۰۰۲۱۱ آقای جعفر نجفی فرزند رحیم به شماره شناسنامه ۲۳۴ در ششدانگ یک باب خانه به مساحت ۱۹۰ مترمربع پلاک ۳۲ فرعی از ۱۴ اصلی واقع در بخش ۲ محرز گردیده است.

برابر رای شماره ۱۴۰۴۶۰۳۱۶۰۰۳۰۰۰۲۲۴ خانم مریم عباسی فرزند غلامرضا در ششدانگ یک قطعه زمین به مساحت ۲۲۵ مترمربع پلاک ۱۵ فرعی از ۷۳ اصلی واقع در بخش ۴ حوزه ثبت ملک محرز گردیده است.

برابر رای شماره ۱۴۰۴۶۰۳۱۶۰۰۳۰۰۰۲۳۶ آقای اکبر جعفری فرزند حسن در ششدانگ یک باب مغازه به مساحت ۲۸ مترمربع پلاک ۲ فرعی از ۱۰۱ اصلی واقع در بخش ۱ اردبیل محرز گردیده است.

برابر رای شماره ۱۴۰۴۶۰۳۱۶۰۰۳۰۰۰۲۴۹ آقای محمدرضا امینی فرزند ولی در ششدانگ یک باب خانه به مساحت ۱۵۵ مترمربع پلاک ۷۷ فرعی از ۳۱۲ اصلی واقع در بخش ۲ خریداری از مالک رسمی محرز گردیده است.

برابر رای شماره ۱۴۰۴۶۰۳۱۶۰۰۳۰۰۰۲۵۳ آقای کریم سلیمانی فرزند اسماعیل در ششدانگ یک قطعه باغ به مساحت ۱۸۰۰ مترمربع پلاک ۹ فرعی از ۵۸ اصلی واقع در بخش ۵ محرز گردیده است.

تاریخ انتشار: ۱۴۰۴/۰۷/۱۵

آگهی اخطار اجرایی و ابلاغ رای – اداره ثبت اسناد و املاک؛ آرای صادره هیات قانون تعیین تکلیف وضعیت ثبتی اراضی و ساختمان‌های فاقد سند رسمی

برابر رای شماره ۱۴۰۴۶۰۳۱۶۰۰۳۰۰۰۲۱۱ آقای جعفر نجفی فرزند رحیم به شماره شناسنامه ۲۳۴ در ششدانگ یک باب خانه به مساحت ۱۹۰ مترمربع پلاک ۳۲ فرعی از ۱۴ اصلی واقع در بخش ۲ محرز گردیده است.

برابر رای شماره ۱۴۰۴۶۰۳۱۶۰۰۳۰۰۰۲۲۴ خانم مریم عباسی فرزند غلامرضا در ششدانگ یک قطعه زمین به مساحت ۲۲۵ مترمربع پلاک ۱۵ فرعی از ۷۳ اصلی واقع در بخش ۴ حوزه ثبت ملک محرز گردیده است.

برابر رای شماره ۱۴۰۴۶۰۳۱۶۰۰۳۰۰۰۲۳۶ آقای اکبر جعفری فرزند حسن در ششدانگ یک باب مغازه به مساحت ۲۸ مترمربع پلاک ۲ فرعی از ۱۰۱ اصلی واقع در بخش ۱ اردبیل محرز گردیده است.

برابر رای شماره ۱۴۰۴۶۰۳۱۶۰۰۳۰۰۰۲۴۹ آقای محمدرضا امینی فرزند ولی در ششدانگ یک باب خانه به مساحت ۱۵۵ مترمربع پلاک ۷۷ فرعی از ۳۱۲ اصلی واقع در بخش ۲ خریداری از مالک رسمی محرز گردیده است.

برابر رای شماره ۱۴۰۴۶۰۳۱۶۰۰۳۰۰۰۲۵۳ آقای کریم سلیمانی فرزند اسماعیل در ششدانگ یک قطعه باغ به مساحت ۱۸۰۰ مترمربع پلاک ۹ فرعی از ۵۸ اصلی واقع در بخش ۵ محرز گردیده است.

تاریخ انتشار: ۱۴۰۴/۰۷/۱۵

آگهی اخطار اجرایی و ابلاغ رای – اداره ثبت اسناد و املاک؛ آرای صادره هیات قانون تعیین تکلیف وضعیت ثبتی اراضی و ساختمان‌های فاقد سند رسمی

برابر رای شماره ۱۴۰۴۶۰۳۱۶۰۰۳۰۰۰۲۱۱ آقای جعفر نجفی فرزند رحیم به شماره شناسنامه ۲۳۴ در ششدانگ یک باب خانه به مساحت ۱۹۰ مترمربع پلاک ۳۲ فرعی از ۱۴ اصلی واقع در بخش ۲ محرز گردیده است.

برابر رای شماره ۱۴۰۴۶۰۳۱۶۰۰۳۰۰۰۲۲۴ خانم مریم عباسی فرزند غلامرضا در ششدانگ یک قطعه زمین به مساحت ۲۲۵ مترمربع پلاک ۱۵ فرعی از ۷۳ اصلی واقع در بخش ۴ حوزه ثبت ملک محرز گردیده است.

برابر رای شماره ۱۴۰۴۶۰۳۱۶۰۰۳۰۰۰۲۳۶ آقای اکبر جعفری فرزند حسن در ششدانگ یک باب مغازه به مساحت ۲۸ مترمربع پلاک ۲ فرعی از ۱۰۱ اصلی واقع در بخش ۱ اردبیل محرز گردیده است.

برابر رای شماره ۱۴۰۴۶۰۳۱۶۰۰۳۰۰۰۲۴۹ آقای محمدرضا امینی فرزند ولی در ششدانگ یک باب خانه به مساحت ۱۵۵ مترمربع پلاک ۷۷ فرعی از ۳۱۲ اصلی واقع در بخش ۲ خریداری از مالک رسمی محرز گردیده است.

برابر رای شماره ۱۴۰۴۶۰۳۱۶۰۰۳۰۰۰۲۵۳ آقای کریم سلیمانی فرزند اسماعیل در ششدانگ یک قطعه باغ به مساحت ۱۸۰۰ مترمربع پلاک ۹ فرعی از ۵۸ اصلی واقع در بخش ۵ محرز گردیده است.

تاریخ انتشار: ۱۴۰۴/۰۷/۱۵

آگهی اخطار اجرایی و ابلاغ رای – اداره ثبت اسناد و املاک؛ آرای صادره هیات قانون تعیین تکلیف وضعیت ثبتی اراضی و ساختمان‌های فاقد سند رسمی

برابر رای شماره ۱۴۰۴۶۰۳۱۶۰۰۳۰۰۰۲۱۱ آقای جعفر نجفی فرزند رحیم به شماره شناسنامه ۲۳۴ در ششدانگ یک باب خانه به مساحت ۱۹۰ مترمربع پلاک ۳۲ فرعی از ۱۴ اصلی واقع در بخش ۲ محرز گردیده است.

برابر رای شماره ۱۴۰۴۶۰۳۱۶۰۰۳۰۰۰۲۲۴ خانم مریم عباسی فرزند غلامرضا در ششدانگ یک قطعه زمین به مساحت ۲۲۵ مترمربع پلاک ۱۵ فرعی از ۷۳ اصلی واقع در بخش ۴ حوزه ثبت ملک محرز گردیده است.

برابر رای شماره ۱۴۰۴۶۰۳۱۶۰۰۳۰۰۰۲۳۶ آقای اکبر جعفری فرزند حسن در ششدانگ یک باب مغازه به مساحت ۲۸ مترمربع پلاک ۲ فرعی از ۱۰۱ اصلی واقع در بخش ۱ اردبیل محرز گردیده است.

برابر رای شماره ۱۴۰۴۶۰۳۱۶۰۰۳۰۰۰۲۴۹ آقای محمدرضا امینی فرزند ولی در ششدانگ یک باب خانه به مساحت ۱۵۵ مترمربع پلاک ۷۷ فرعی از ۳۱۲ اصلی واقع در بخش ۲ خریداری از مالک رسمی محرز گردیده است.

برابر رای شماره ۱۴۰۴۶۰۳۱۶۰۰۳۰۰۰۲۵۳ آقای کریم سلیمانی فرزند اسماعیل در ششدانگ یک قطعه باغ به مساحت ۱۸۰۰ مترمربع پلاک ۹ فرعی از ۵۸ اصلی واقع در بخش ۵ محرز گردیده است.

تاریخ انتشار: ۱۴۰۴/۰۷/۱۵

آگهی اخطار اجرایی و ابلاغ رای – اداره ثبت اسناد و املاک؛ آرای صادره هیات قانون تعیین تکلیف وضعیت ثبتی اراضی و ساختمان‌های فاقد سند رسمی

برابر رای شماره ۱۴۰۴۶۰۳۱۶۰۰۳۰۰۰۲۱۱ آقای جعفر نجفی فرزند رحیم به شماره شناسنامه ۲۳۴ در ششدانگ یک باب خانه به مساحت ۱۹۰ مترمربع پلاک ۳۲ فرعی از ۱۴ اصلی واقع در بخش ۲ محرز گردیده است.

برابر رای شماره ۱۴۰۴۶۰۳۱۶۰۰۳۰۰۰۲۲۴ خانم مریم عباسی فرزند غلامرضا در ششدانگ یک قطعه زمین به مساحت ۲۲۵ مترمربع پلاک ۱۵ فرعی از ۷۳ اصلی واقع در بخش ۴ حوزه ثبت ملک محرز گردیده است.

برابر رای شماره ۱۴۰۴۶۰۳۱۶۰۰۳۰۰۰۲۳۶ آقای اکبر جعفری فرزند حسن در ششدانگ یک باب مغازه به مساحت ۲۸ مترمربع پلاک ۲ فرعی از ۱۰۱ اصلی واقع در بخش ۱ اردبیل محرز گردیده است.

برابر رای شماره ۱۴۰۴۶۰۳۱۶۰۰۳۰۰۰۲۴۹ آقای محمدرضا امینی فرزند ولی در ششدانگ یک باب خانه به مساحت ۱۵۵ مترمربع پلاک ۷۷ فرعی از ۳۱۲ اصلی واقع در بخش ۲ خریداری از مالک رسمی محرز گردیده است.

برابر رای شماره ۱۴۰۴۶۰۳۱۶۰۰۳۰۰۰۲۵۳ آقای کریم سلیمانی فرزند اسماعیل در ششدانگ یک قطعه باغ به مساحت ۱۸۰۰ مترمربع پلاک ۹ فرعی از ۵۸ اصلی واقع در بخش ۵ محرز گردیده است.

تاریخ انتشار: ۱۴۰۴/۰۷/۱۵

آگهی اخطار اجرایی و ابلاغ رای – اداره ثبت اسناد و املاک؛ آرای صادره هیات قانون تعیین تکلیف وضعیت ثبتی اراضی و ساختمان‌های فاقد سند رسمی

برابر رای شماره ۱۴۰۴۶۰۳۱۶۰۰۳۰۰۰۲۱۱ آقای جعفر نجفی فرزند رحیم به شماره شناسنامه ۲۳۴ در ششدانگ یک باب خانه به مساحت ۱۹۰ مترمربع پلاک ۳۲ فرعی از ۱۴ اصلی واقع در بخش ۲ محرز گردیده است.

برابر رای شماره ۱۴۰۴۶۰۳۱۶۰۰۳۰۰۰۲۲۴ خانم مریم عباسی فرزند غلامرضا در ششدانگ یک قطعه زمین به مساحت ۲۲۵ مترمربع پلاک ۱۵ فرعی از ۷۳ اصلی واقع در بخش ۴ حوزه ثبت ملک محرز گردیده است.

برابر رای شماره ۱۴۰۴۶۰۳۱۶۰۰۳۰۰۰۲۳۶ آقای اکبر جعفری فرزند حسن در ششدانگ یک باب مغازه به مساحت ۲۸ مترمربع پلاک ۲ فرعی از ۱۰۱ اصلی واقع در بخش ۱ اردبیل محرز گردیده است.

برابر رای شماره ۱۴۰۴۶۰۳۱۶۰۰۳۰۰۰۲۴۹ آقای محمدرضا امینی فرزند ولی در ششدانگ یک باب خانه به مساحت ۱۵۵ مترمربع پلاک ۷۷ فرعی از ۳۱۲ اصلی واقع در بخش ۲ خریداری از مالک رسمی محرز گردیده است.

برابر رای شماره ۱۴۰۴۶۰۳۱۶۰۰۳۰۰۰۲۵۳ آقای کریم سلیمانی فرزند اسماعیل در ششدانگ یک قطعه باغ به مساحت ۱۸۰۰ مترمربع پلاک ۹ فرعی از ۵۸ اصلی واقع در بخش ۵ محرز گردیده است.

تاریخ انتشار: ۱۴۰۴/۰۷/۱۵

آگهی اخطار اجرایی و ابلاغ رای – اداره ثبت اسناد و املاک؛ آرای صادره هیات قانون تعیین تکلیف وضعیت ثبتی اراضی و ساختمان‌های فاقد سند رسمی

برابر رای شماره ۱۴۰۴۶۰۳۱۶۰۰۳۰۰۰۲۱۱ آقای جعفر نجفی فرزند رحیم به شماره شناسنامه ۲۳۴ در ششدانگ یک باب خانه به مساحت ۱۹۰ مترمربع پلاک ۳۲ فرعی از ۱۴ اصلی واقع در بخش ۲ محرز گردیده است.

برابر رای شماره ۱۴۰۴۶۰۳۱۶۰۰۳۰۰۰۲۲۴ خانم مریم عباسی فرزند غلامرضا در ششدانگ یک قطعه زمین به مساحت ۲۲۵ مترمربع پلاک ۱۵ فرعی از ۷۳ اصلی واقع در بخش ۴ حوزه ثبت ملک محرز گردیده است.

برابر رای شماره ۱۴۰۴۶۰۳۱۶۰۰۳۰۰۰۲۳۶ آقای اکبر جعفری فرزند حسن در ششدانگ یک باب مغازه به مساحت ۲۸ مترمربع پلاک ۲ فرعی از ۱۰۱ اصلی واقع در بخش ۱ اردبیل محرز گردیده است.

برابر رای شماره ۱۴۰۴۶۰۳۱۶۰۰۳۰۰۰۲۴۹ آقای محمدرضا امینی فرزند ولی در ششدانگ یک باب خانه به مساحت ۱۵۵ مترمربع پلاک ۷۷ فرعی از ۳۱۲ اصلی واقع در بخش ۲ خریداری از مالک رسمی محرز گردیده است.

برابر رای شماره ۱۴۰۴۶۰۳۱۶۰۰۳۰۰۰۲۵۳ آقای کریم سلیمانی فرزند اسماعیل در ششدانگ یک قطعه باغ به مساحت ۱۸۰۰ مترمربع پلاک ۹ فرعی از ۵۸ اصلی واقع در بخش ۵ محرز گردیده است.

تاریخ انتشار: ۱۴۰۴/۰۷/۱۵

آگهی فقدان سند مالکیت و آرای هیات‌های حل اختلاف ثبتی – مشخصات متقاضیان و املاک مورد تقاضا به شرح ذیل آگهی می‌گردد

برابر رای شماره ۱۴۰۴۶۰۳۱۶۰۰۴۰۰۰۳۱۲ آقای علیرضا موسوی فرزند مجید به شماره شناسنامه ۹۸۲ در ششدانگ یک باب خانه به مساحت ۱۷۵ مترمربع پلاک ۴۴ فرعی از ۱۹ اصلی واقع در بخش ۲ محرز گردیده است.

برابر رای شماره ۱۴۰۴۶۰۳۱۶۰۰۴۰۰۰۳۲۵ خانم سمیه یزدانی فرزند فرهاد در ششدانگ یک باب آپارتمان به مساحت ۸۵ مترمربع پلاک ۱۱ فرعی از ۶۲ اصلی واقع در بخش ۳ حوزه ثبت ملک محرز گردیده است.

برابر رای شماره ۱۴۰۴۶۰۳۱۶۰۰۴۰۰۰۳۳۸ آقای داوود زارعی فرزند عیسی در ششدانگ یک قطعه زمین به مساحت ۴۲۰ مترمربع پلاک ۲۸ فرعی از ۱۵۶ اصلی واقع در بخش ۴ خریداری مع الواسطه از مالک رسمی محرز گردیده است.

برابر رای شماره ۱۴۰۴۶۰۳۱۶۰۰۴۰۰۰۳۴۱ آقای حمید شریفی فرزند مرتضی در ششدانگ یک باب خانه به مساحت ۱۴۰ مترمربع پلاک ۵ فرعی از ۸۸ اصلی واقع در بخش ۲ اردبیل محرز گردیده است.

برابر رای شماره ۱۴۰۴۶۰۳۱۶۰۰۴۰۰۰۳۵۴ آقای فرشاد طاهری فرزند احمد در ششدانگ یک باب انبار به مساحت ۳۶۰ مترمربع پلاک ۱۷ فرعی از ۲۱۹ اصلی واقع در بخش ۳ محرز گردیده است.

تاریخ انتشار نوبت اول: ۱۴۰۴/۰۷/۱۵

آگهی فقدان سند مالکیت و آرای هیات‌های حل اختلاف ثبتی – مشخصات متقاضیان و املاک مورد تقاضا به شرح ذیل آگهی می‌گردد

برابر رای شماره ۱۴۰۴۶۰۳۱۶۰۰۴۰۰۰۳۱۲ آقای علیرضا موسوی فرزند مجید به شماره شناسنامه ۹۸۲ در ششدانگ یک باب خانه به مساحت ۱۷۵ مترمربع پلاک ۴۴ فرعی از ۱۹ اصلی واقع در بخش ۲ محرز گردیده است.

برابر رای شماره ۱۴۰۴۶۰۳۱۶۰۰۴۰۰۰۳۲۵ خانم سمیه یزدانی فرزند فرهاد در ششدانگ یک باب آپارتمان به مساحت ۸۵ مترمربع پلاک ۱۱ فرعی از ۶۲ اصلی واقع در بخش ۳ حوزه ثبت ملک محرز گردیده است.

برابر رای شماره ۱۴۰۴۶۰۳۱۶۰۰۴۰۰۰۳۳۸ آقای داوود زارعی فرزند عیسی در ششدانگ یک قطعه زمین به مساحت ۴۲۰ مترمربع پلاک ۲۸ فرعی از ۱۵۶ اصلی واقع در بخش ۴ خریداری مع الواسطه از مالک رسمی محرز گردیده است.

برابر رای شماره ۱۴۰۴۶۰۳۱۶۰۰۴۰۰۰۳۴۱ آقای حمید شریفی فرزند مرتضی در ششدانگ یک باب خانه به مساحت ۱۴۰ مترمربع پلاک ۵ فرعی از ۸۸ اصلی واقع در بخش ۲ اردبیل محرز گردیده است.

برابر رای شماره ۱۴۰۴۶۰۳۱۶۰۰۴۰۰۰۳۵۴ آقای فرشاد طاهری فرزند احمد در ششدانگ یک باب انبار به مساحت ۳۶۰ مترمربع پلاک ۱۷ فرعی از ۲۱۹ اصلی واقع در بخش ۳ محرز گردیده است.

تاریخ انتشار نوبت اول: ۱۴۰۴/۰۷/۱۵

آگهی فقدان سند مالکیت و آرای هیات‌های حل اختلاف ثبتی – مشخصات متقاضیان و املاک مورد تقاضا به شرح ذیل آگهی می‌گردد

برابر رای شماره ۱۴۰۴۶۰۳۱۶۰۰۴۰۰۰۳۱۲ آقای علیرضا موسوی فرزند مجید به شماره شناسنامه ۹۸۲ در ششدانگ یک باب خانه به مساحت ۱۷۵ مترمربع پلاک ۴۴ فرعی از ۱۹ اصلی واقع در بخش ۲ محرز گردیده است.

برابر رای شماره ۱۴۰۴۶۰۳۱۶۰۰۴۰۰۰۳۲۵ خانم سمیه یزدانی فرزند فرهاد در ششدانگ یک باب آپارتمان به مساحت ۸۵ مترمربع پلاک ۱۱ فرعی از ۶۲ اصلی واقع در بخش ۳ حوزه ثبت ملک محرز گردیده است.

برابر رای شماره ۱۴۰۴۶۰۳۱۶۰۰۴۰۰۰۳۳۸ آقای داوود زارعی فرزند عیسی در ششدانگ یک قطعه زمین به مساحت ۴۲۰ مترمربع پلاک ۲۸ فرعی از ۱۵۶ اصلی واقع در بخش ۴ خریداری مع الواسطه از مالک رسمی محرز گردیده است.

برابر رای شماره ۱۴۰۴۶۰۳۱۶۰۰۴۰۰۰۳۴۱ آقای حمید شریفی فرزند مرتضی در ششدانگ یک باب خانه به مساحت ۱۴۰ مترمربع پلاک ۵ فرعی از ۸۸ اصلی واقع در بخش ۲ اردبیل محرز گردیده است.

برابر رای شماره ۱۴۰۴۶۰۳۱۶۰۰۴۰۰۰۳۵۴ آقای فرشاد طاهری فرزند احمد در ششدانگ یک باب انبار به مساحت ۳۶۰ مترمربع پلاک ۱۷ فرعی از ۲۱۹ اصلی واقع در بخش ۳ محرز گردیده است.

تاریخ انتشار نوبت اول: ۱۴۰۴/۰۷/۱۵

آگهی فقدان سند مالکیت و آرای هیات‌های حل اختلاف ثبتی – مشخصات متقاضیان و املاک مورد تقاضا به شرح ذیل آگهی می‌گردد

برابر رای شماره ۱۴۰۴۶۰۳۱۶۰۰۴۰۰۰۳۱۲ آقای علیرضا موسوی فرزند مجید به شماره شناسنامه ۹۸۲ در ششدانگ یک باب خانه به مساحت ۱۷۵ مترمربع پلاک ۴۴ فرعی از ۱۹ اصلی واقع در بخش ۲ محرز گردیده است.

برابر رای شماره ۱۴۰۴۶۰۳۱۶۰۰۴۰۰۰۳۲۵ خانم سمیه یزدانی فرزند فرهاد در ششدانگ یک باب آپارتمان به مساحت ۸۵ مترمربع پلاک ۱۱ فرعی از ۶۲ اصلی واقع در بخش ۳ حوزه ثبت ملک محرز گردیده است.

برابر رای شماره ۱۴۰۴۶۰۳۱۶۰۰۴۰۰۰۳۳۸ آقای داوود زارعی فرزند عیسی در ششدانگ یک قطعه زمین به مساحت ۴۲۰ مترمربع پلاک ۲۸ فرعی از ۱۵۶ اصلی واقع در بخش ۴ خریداری مع الواسطه از مالک رسمی محرز گردیده است.

برابر رای شماره ۱۴۰۴۶۰۳۱۶۰۰۴۰۰۰۳۴۱ آقای حمید شریفی فرزند مرتضی در ششدانگ یک باب خانه به مساحت ۱۴۰ مترمربع پلاک ۵ فرعی از ۸۸ اصلی واقع در بخش ۲ اردبیل محرز گردیده است.

برابر رای شماره ۱۴۰۴۶۰۳۱۶۰۰۴۰۰۰۳۵۴ آقای فرشاد طاهری فرزند احمد در ششدانگ یک باب انبار به مساحت ۳۶۰ مترمربع پلاک ۱۷ فرعی از ۲۱۹ اصلی واقع در بخش ۳ محرز گردیده است.

تاریخ انتشار نوبت اول: ۱۴۰۴/۰۷/۱۵

آگهی فقدان سند مالکیت و آرای هیات‌های حل اختلاف ثبتی – مشخصات متقاضیان و املاک مورد تقاضا به شرح ذیل آگهی می‌گردد

برابر رای شماره ۱۴۰۴۶۰۳۱۶۰۰۴۰۰۰۳۱۲ آقای علیرضا موسوی فرزند مجید به شماره شناسنامه ۹۸۲ در ششدانگ یک باب خانه به مساحت ۱۷۵ مترمربع پلاک ۴۴ فرعی از ۱۹ اصلی واقع در بخش ۲ محرز گردیده است.

برابر رای شماره ۱۴۰۴۶۰۳۱۶۰۰۴۰۰۰۳۲۵ خانم سمیه یزدانی فرزند فرهاد در ششدانگ یک باب آپارتمان به مساحت ۸۵ مترمربع پلاک ۱۱ فرعی از ۶۲ اصلی واقع در بخش ۳ حوزه ثبت ملک محرز گردیده است.

برابر رای شماره ۱۴۰۴۶۰۳۱۶۰۰۴۰۰۰۳۳۸ آقای داوود زارعی فرزند عیسی در ششدانگ یک قطعه زمین به مساحت ۴۲۰ مترمربع پلاک ۲۸ فرعی از ۱۵۶ اصلی واقع در بخش ۴ خریداری مع الواسطه از مالک رسمی محرز گردیده است.

برابر رای شماره ۱۴۰۴۶۰۳۱۶۰۰۴۰۰۰۳۴۱ آقای حمید شریفی فرزند مرتضی در ششدانگ یک باب خانه به مساحت ۱۴۰ مترمربع پلاک ۵ فرعی از ۸۸ اصلی واقع در بخش ۲ اردبیل محرز گردیده است.

برابر رای شماره ۱۴۰۴۶۰۳۱۶۰۰۴۰۰۰۳۵۴ آقای فرشاد طاهری فرزند احمد در ششدانگ یک باب انبار به مساحت ۳۶۰ مترمربع پلاک ۱۷ فرعی از ۲۱۹ اصلی واقع در بخش ۳ محرز گردیده است.

تاریخ انتشار نوبت اول: ۱۴۰۴/۰۷/۱۵

آگهی فقدان سند مالکیت و آرای هیات‌های حل اختلاف ثبتی – مشخصات متقاضیان و املاک مورد تقاضا به شرح ذیل آگهی می‌گردد

برابر رای شماره ۱۴۰۴۶۰۳۱۶۰۰۴۰۰۰۳۱۲ آقای علیرضا موسوی فرزند مجید به شماره شناسنامه ۹۸۲ در ششدانگ یک باب خانه به مساحت ۱۷۵ مترمربع پلاک ۴۴ فرعی از ۱۹ اصلی واقع در بخش ۲ محرز گردیده است.

برابر رای شماره ۱۴۰۴۶۰۳۱۶۰۰۴۰۰۰۳۲۵ خانم سمیه یزدانی فرزند فرهاد در ششدانگ یک باب آپارتمان به مساحت ۸۵ مترمربع پلاک ۱۱ فرعی از ۶۲ اصلی واقع در بخش ۳ حوزه ثبت ملک محرز گردیده است.

برابر رای شماره ۱۴۰۴۶۰۳۱۶۰۰۴۰۰۰۳۳۸ آقای داوود زارعی فرزند عیسی در ششدانگ یک قطعه زمین به مساحت ۴۲۰ مترمربع پلاک ۲۸ فرعی از ۱۵۶ اصلی واقع در بخش ۴ خریداری مع الواسطه از مالک رسمی محرز گردیده است.

برابر رای شماره ۱۴۰۴۶۰۳۱۶۰۰۴۰۰۰۳۴۱ آقای حمید شریفی فرزند مرتضی در ششدانگ یک باب خانه به مساحت ۱۴۰ مترمربع پلاک ۵ فرعی از ۸۸ اصلی واقع در بخش ۲ اردبیل محرز گردیده است.

برابر رای شماره ۱۴۰۴۶۰۳۱۶۰۰۴۰۰۰۳۵۴ آقای فرشاد طاهری فرزند احمد در ششدانگ یک باب انبار به مساحت ۳۶۰ مترمربع پلاک ۱۷ فرعی از ۲۱۹ اصلی واقع در بخش ۳ محرز گردیده است.

تاریخ انتشار نوبت اول: ۱۴۰۴/۰۷/۱۵

آگهی فقدان سند مالکیت و آرای هیات‌های حل اختلاف ثبتی – مشخصات متقاضیان و املاک مورد تقاضا به شرح ذیل آگهی می‌گردد

برابر رای شماره ۱۴۰۴۶۰۳۱۶۰۰۴۰۰۰۳۱۲ آقای علیرضا موسوی فرزند مجید به شماره شناسنامه ۹۸۲ در ششدانگ یک باب خانه به مساحت ۱۷۵ مترمربع پلاک ۴۴ فرعی از ۱۹ اصلی واقع در بخش ۲ محرز گردیده است.

برابر رای شماره ۱۴۰۴۶۰۳۱۶۰۰۴۰۰۰۳۲۵ خانم سمیه یزدانی فرزند فرهاد در ششدانگ یک باب آپارتمان به مساحت ۸۵ مترمربع پلاک ۱۱ فرعی از ۶۲ اصلی واقع در بخش ۳ حوزه ثبت ملک محرز گردیده است.

برابر رای شماره ۱۴۰۴۶۰۳۱۶۰۰۴۰۰۰۳۳۸ آقای داوود زارعی فرزند عیسی در ششدانگ یک قطعه زمین به مساحت ۴۲۰ مترمربع پلاک ۲۸ فرعی از ۱۵۶ اصلی واقع در بخش ۴ خریداری مع الواسطه از مالک رسمی محرز گردیده است.

برابر رای شماره ۱۴۰۴۶۰۳۱۶۰۰۴۰۰۰۳۴۱ آقای حمید شریفی فرزند مرتضی در ششدانگ یک باب خانه به مساحت ۱۴۰ مترمربع پلاک ۵ فرعی از ۸۸ اصلی واقع در بخش ۲ اردبیل محرز گردیده است.

برابر رای شماره ۱۴۰۴۶۰۳۱۶۰۰۴۰۰۰۳۵۴ آقای فرشاد طاهری فرزند احمد در ششدانگ یک باب انبار به مساحت ۳۶۰ مترمربع پلاک ۱۷ فرعی از ۲۱۹ اصلی واقع در بخش ۳ محرز گردیده است.

تاریخ انتشار نوبت اول: ۱۴۰۴/۰۷/۱۵

آگهی فقدان سند مالکیت و آرای هیات‌های حل اختلاف ثبتی – مشخصات متقاضیان و املاک مورد تقاضا به شرح ذیل آگهی می‌گردد

برابر رای شماره ۱۴۰۴۶۰۳۱۶۰۰۴۰۰۰۳۱۲ آقای علیرضا موسوی فرزند مجید به شماره شناسنامه ۹۸۲ در ششدانگ یک باب خانه به مساحت ۱۷۵ مترمربع پلاک ۴۴ فرعی از ۱۹ اصلی واقع در بخش ۲ محرز گردیده است.

برابر رای شماره ۱۴۰۴۶۰۳۱۶۰۰۴۰۰۰۳۲۵ خانم سمیه یزدانی فرزند فرهاد در ششدانگ یک باب آپارتمان به مساحت ۸۵ مترمربع پلاک ۱۱ فرعی از ۶۲ اصلی واقع در بخش ۳ حوزه ثبت ملک محرز گردیده است.

برابر رای شماره ۱۴۰۴۶۰۳۱۶۰۰۴۰۰۰۳۳۸ آقای داوود زارعی فرزند عیسی در ششدانگ یک قطعه زمین به مساحت ۴۲۰ مترمربع پلاک ۲۸ فرعی از ۱۵۶ اصلی واقع در بخش ۴ خریداری مع الواسطه از مالک رسمی محرز گردیده است.

برابر رای شماره ۱۴۰۴۶۰۳۱۶۰۰۴۰۰۰۳۴۱ آقای حمید شریفی فرزند مرتضی در ششدانگ یک باب خانه به مساحت ۱۴۰ مترمربع پلاک ۵ فرعی از ۸۸ اصلی واقع در بخش ۲ اردبیل محرز گردیده است.

برابر رای شماره ۱۴۰۴۶۰۳۱۶۰۰۴۰۰۰۳۵۴ آقای فرشاد طاهری فرزند احمد در ششدانگ یک باب انبار به مساحت ۳۶۰ مترمربع پلاک ۱۷ فرعی از ۲۱۹ اصلی واقع در بخش ۳ محرز گردیده است.

تاریخ انتشار نوبت اول: ۱۴۰۴/۰۷/۱۵
